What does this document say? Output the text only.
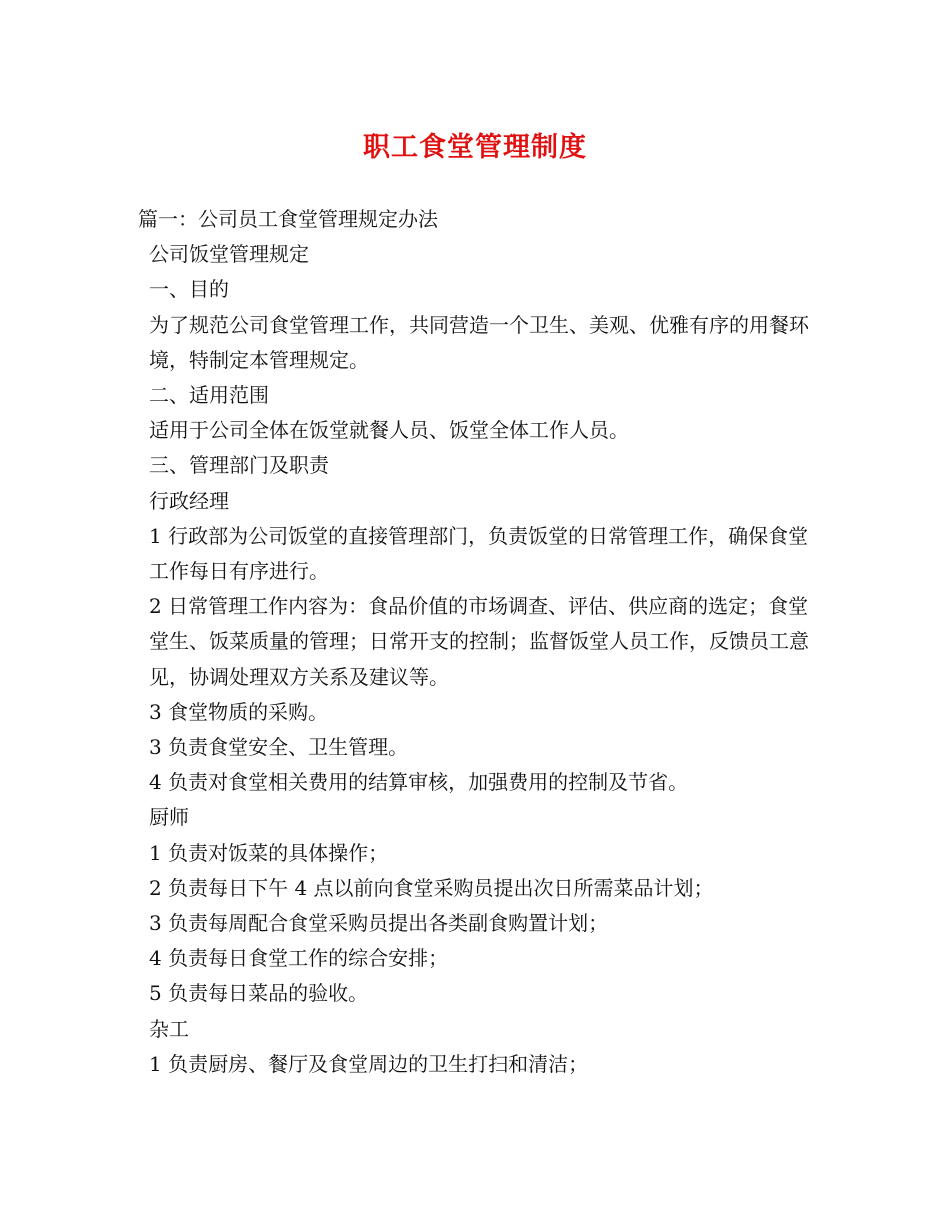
职工食堂管理制度

篇一：公司员工食堂管理规定办法

公司饭堂管理规定

一、目的

为了规范公司食堂管理工作，共同营造一个卫生、美观、优雅有序的用餐环境，特制定本管理规定。

二、适用范围

适用于公司全体在饭堂就餐人员、饭堂全体工作人员。

三、管理部门及职责

行政经理

1 行政部为公司饭堂的直接管理部门，负责饭堂的日常管理工作，确保食堂工作每日有序进行。

2 日常管理工作内容为：食品价值的市场调查、评估、供应商的选定；食堂堂生、饭菜质量的管理；日常开支的控制；监督饭堂人员工作，反馈员工意见，协调处理双方关系及建议等。

3 食堂物质的采购。

3 负责食堂安全、卫生管理。

4 负责对食堂相关费用的结算审核，加强费用的控制及节省。

厨师

1 负责对饭菜的具体操作；

2 负责每日下午 4 点以前向食堂采购员提出次日所需菜品计划；

3 负责每周配合食堂采购员提出各类副食购置计划；

4 负责每日食堂工作的综合安排；

5 负责每日菜品的验收。

杂工

1 负责厨房、餐厅及食堂周边的卫生打扫和清洁；
